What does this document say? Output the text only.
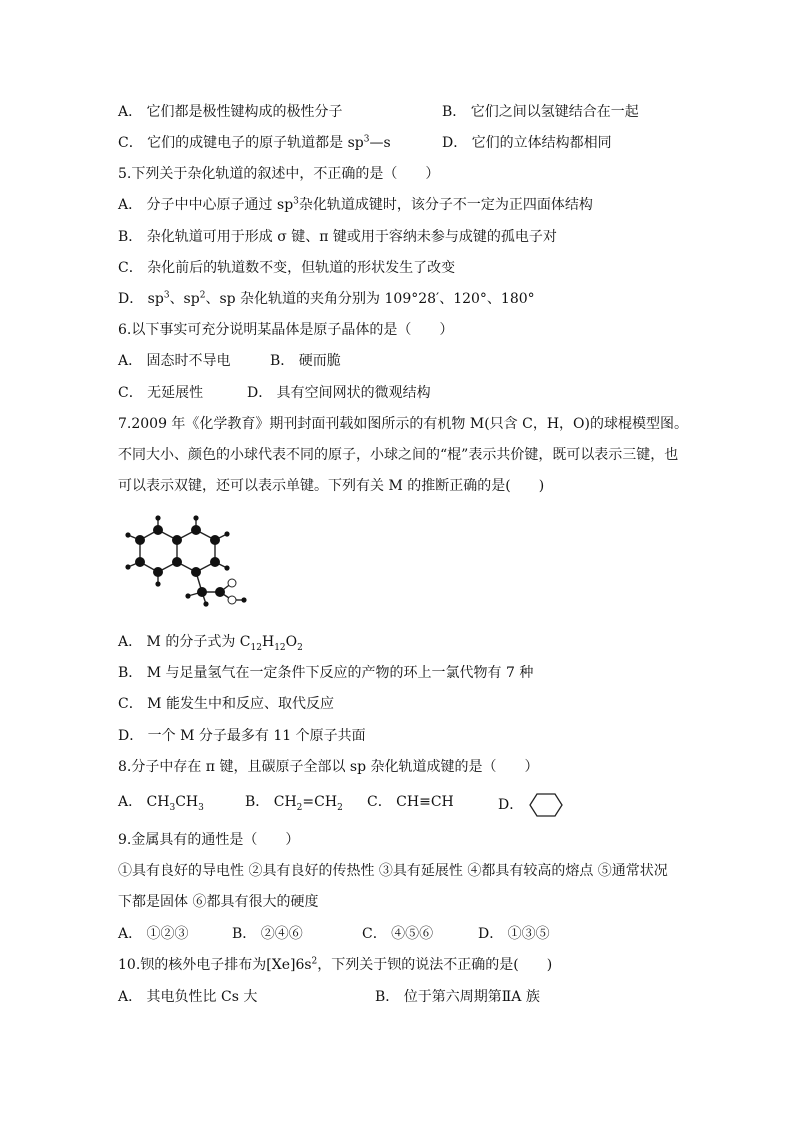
A． 它们都是极性键构成的极性分子	B． 它们之间以氢键结合在一起
C． 它们的成键电子的原子轨道都是 $sp^3—s$	D． 它们的立体结构都相同
5.下列关于杂化轨道的叙述中，不正确的是（　　）
A． 分子中中心原子通过 $sp^3$杂化轨道成键时，该分子不一定为正四面体结构
B． 杂化轨道可用于形成 σ 键、π 键或用于容纳未参与成键的孤电子对
C． 杂化前后的轨道数不变，但轨道的形状发生了改变
D． $sp^3$、$sp^2$、sp 杂化轨道的夹角分别为 109°28′、120°、180°
6.以下事实可充分说明某晶体是原子晶体的是（　　）
A． 固态时不导电	B． 硬而脆
C． 无延展性	D． 具有空间网状的微观结构
7.2009 年《化学教育》期刊封面刊载如图所示的有机物 M(只含 C，H，O)的球棍模型图。
不同大小、颜色的小球代表不同的原子，小球之间的“棍”表示共价键，既可以表示三键，也
可以表示双键，还可以表示单键。下列有关 M 的推断正确的是(　　)
A． M 的分子式为 $C_{12}H_{12}O_2$
B． M 与足量氢气在一定条件下反应的产物的环上一氯代物有 7 种
C． M 能发生中和反应、取代反应
D． 一个 M 分子最多有 11 个原子共面
8.分子中存在 π 键，且碳原子全部以 sp 杂化轨道成键的是（　　）
A． $CH_3CH_3$	B． $CH_2=CH_2$ C． CH≡CH	D．
9.金属具有的通性是（　　）
①具有良好的导电性 ②具有良好的传热性 ③具有延展性 ④都具有较高的熔点 ⑤通常状况
下都是固体 ⑥都具有很大的硬度
A． ①②③	B． ②④⑥	C． ④⑤⑥	D． ①③⑤
10.钡的核外电子排布为$[Xe]6s^2$，下列关于钡的说法不正确的是(　　)
A． 其电负性比 Cs 大	B． 位于第六周期第ⅡA 族
